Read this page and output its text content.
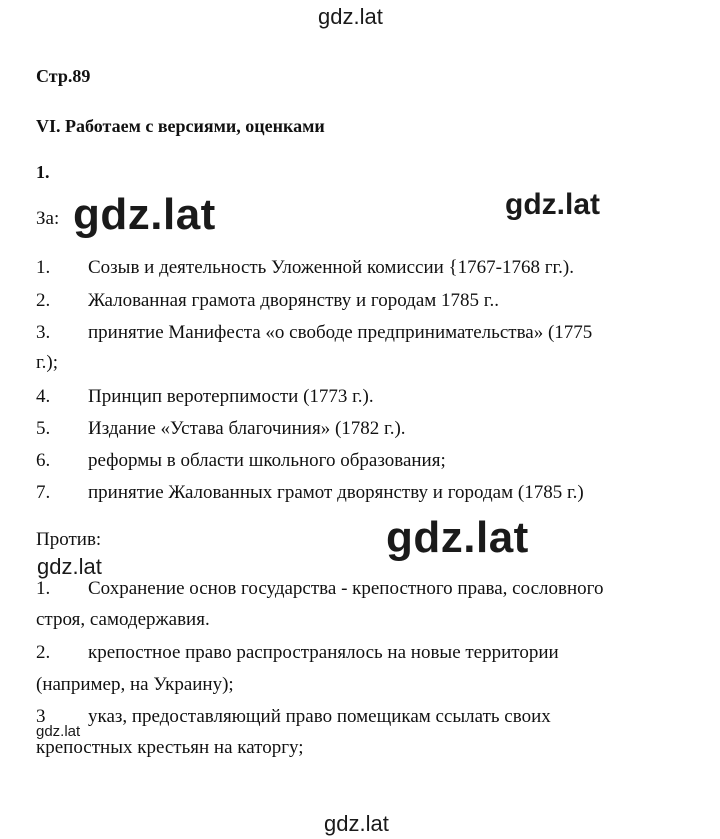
gdz.lat
gdz.lat	gdz.lat
gdz.lat
gdz.lat
gdz.lat
gdz.lat
Стр.89
VI. Работаем с версиями, оценками
1.
За:
1. Созыв и деятельность Уложенной комиссии {1767-1768 гг.).
2. Жалованная грамота дворянству и городам 1785 г..
3. принятие Манифеста «о свободе предпринимательства» (1775
г.);
4. Принцип веротерпимости (1773 г.).
5. Издание «Устава благочиния» (1782 г.).
6. реформы в области школьного образования;
7. принятие Жалованных грамот дворянству и городам (1785 г.)
Против:
1. Сохранение основ государства - крепостного права, сословного
строя, самодержавия.
2. крепостное право распространялось на новые территории
(например, на Украину);
3 указ, предоставляющий право помещикам ссылать своих
крепостных крестьян на каторгу;
